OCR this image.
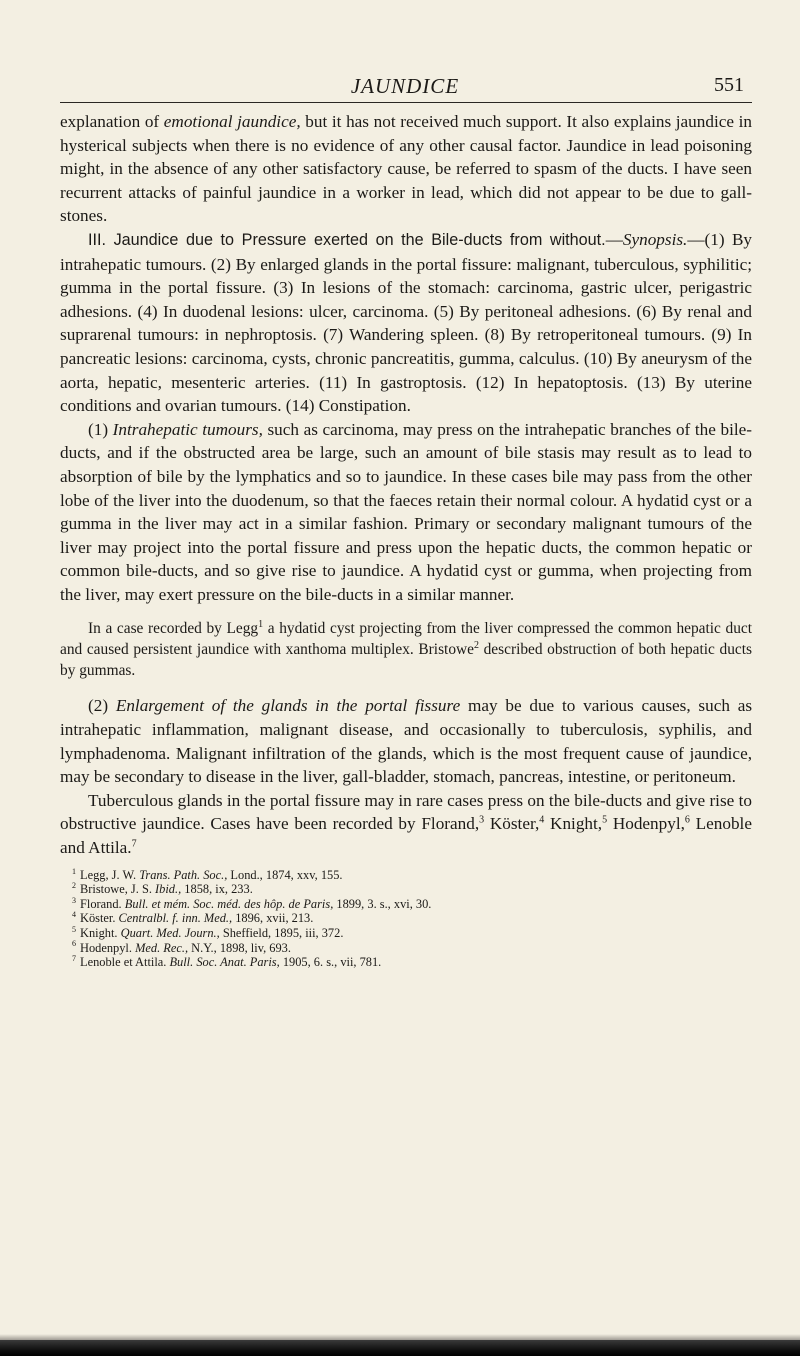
JAUNDICE	551

explanation of emotional jaundice, but it has not received much support. It also explains jaundice in hysterical subjects when there is no evidence of any other causal factor. Jaundice in lead poisoning might, in the absence of any other satisfactory cause, be referred to spasm of the ducts. I have seen recurrent attacks of painful jaundice in a worker in lead, which did not appear to be due to gall-stones.

III. Jaundice due to Pressure exerted on the Bile-ducts from without.—Synopsis.—(1) By intrahepatic tumours. (2) By enlarged glands in the portal fissure: malignant, tuberculous, syphilitic; gumma in the portal fissure. (3) In lesions of the stomach: carcinoma, gastric ulcer, perigastric adhesions. (4) In duodenal lesions: ulcer, carcinoma. (5) By peritoneal adhesions. (6) By renal and suprarenal tumours: in nephroptosis. (7) Wandering spleen. (8) By retroperitoneal tumours. (9) In pancreatic lesions: carcinoma, cysts, chronic pancreatitis, gumma, calculus. (10) By aneurysm of the aorta, hepatic, mesenteric arteries. (11) In gastroptosis. (12) In hepatoptosis. (13) By uterine conditions and ovarian tumours. (14) Constipation.

(1) Intrahepatic tumours, such as carcinoma, may press on the intrahepatic branches of the bile-ducts, and if the obstructed area be large, such an amount of bile stasis may result as to lead to absorption of bile by the lymphatics and so to jaundice. In these cases bile may pass from the other lobe of the liver into the duodenum, so that the faeces retain their normal colour. A hydatid cyst or a gumma in the liver may act in a similar fashion. Primary or secondary malignant tumours of the liver may project into the portal fissure and press upon the hepatic ducts, the common hepatic or common bile-ducts, and so give rise to jaundice. A hydatid cyst or gumma, when projecting from the liver, may exert pressure on the bile-ducts in a similar manner.

In a case recorded by Legg$^1$ a hydatid cyst projecting from the liver compressed the common hepatic duct and caused persistent jaundice with xanthoma multiplex. Bristowe$^2$ described obstruction of both hepatic ducts by gummas.

(2) Enlargement of the glands in the portal fissure may be due to various causes, such as intrahepatic inflammation, malignant disease, and occasionally to tuberculosis, syphilis, and lymphadenoma. Malignant infiltration of the glands, which is the most frequent cause of jaundice, may be secondary to disease in the liver, gall-bladder, stomach, pancreas, intestine, or peritoneum.

Tuberculous glands in the portal fissure may in rare cases press on the bile-ducts and give rise to obstructive jaundice. Cases have been recorded by Florand,$^3$ Köster,$^4$ Knight,$^5$ Hodenpyl,$^6$ Lenoble and Attila.$^7$

$^1$ Legg, J. W. Trans. Path. Soc., Lond., 1874, xxv, 155.
$^2$ Bristowe, J. S. Ibid., 1858, ix, 233.
$^3$ Florand. Bull. et mém. Soc. méd. des hôp. de Paris, 1899, 3. s., xvi, 30.
$^4$ Köster. Centralbl. f. inn. Med., 1896, xvii, 213.
$^5$ Knight. Quart. Med. Journ., Sheffield, 1895, iii, 372.
$^6$ Hodenpyl. Med. Rec., N.Y., 1898, liv, 693.
$^7$ Lenoble et Attila. Bull. Soc. Anat. Paris, 1905, 6. s., vii, 781.
